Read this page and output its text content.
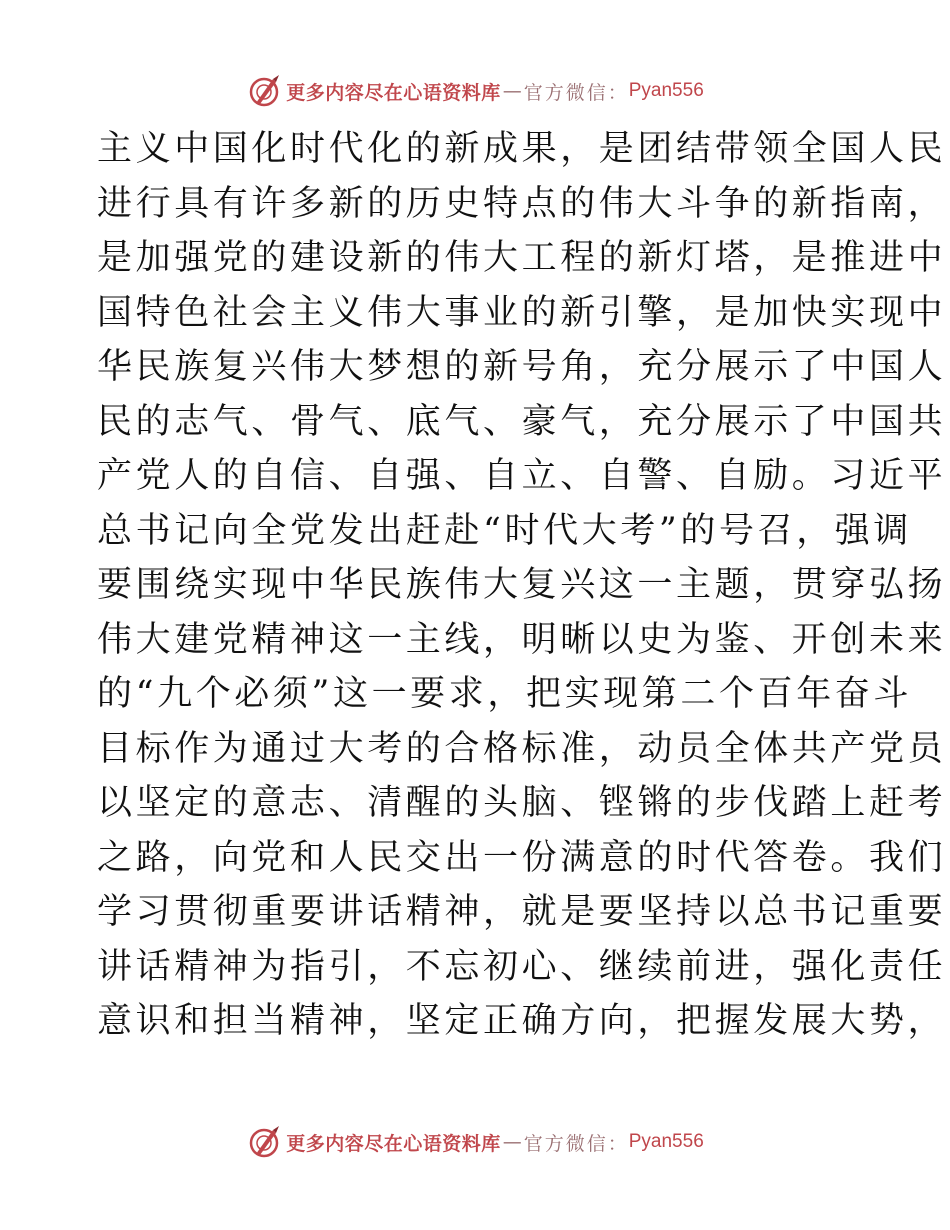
更多内容尽在心语资料库 — 官方微信： Pyan556
主义中国化时代化的新成果，是团结带领全国人民
进行具有许多新的历史特点的伟大斗争的新指南，
是加强党的建设新的伟大工程的新灯塔，是推进中
国特色社会主义伟大事业的新引擎，是加快实现中
华民族复兴伟大梦想的新号角，充分展示了中国人
民的志气、骨气、底气、豪气，充分展示了中国共
产党人的自信、自强、自立、自警、自励。习近平
总书记向全党发出赶赴“时代大考”的号召，强调
要围绕实现中华民族伟大复兴这一主题，贯穿弘扬
伟大建党精神这一主线，明晰以史为鉴、开创未来
的“九个必须”这一要求，把实现第二个百年奋斗
目标作为通过大考的合格标准，动员全体共产党员
以坚定的意志、清醒的头脑、铿锵的步伐踏上赶考
之路，向党和人民交出一份满意的时代答卷。我们
学习贯彻重要讲话精神，就是要坚持以总书记重要
讲话精神为指引，不忘初心、继续前进，强化责任
意识和担当精神，坚定正确方向，把握发展大势，
更多内容尽在心语资料库 — 官方微信： Pyan556
